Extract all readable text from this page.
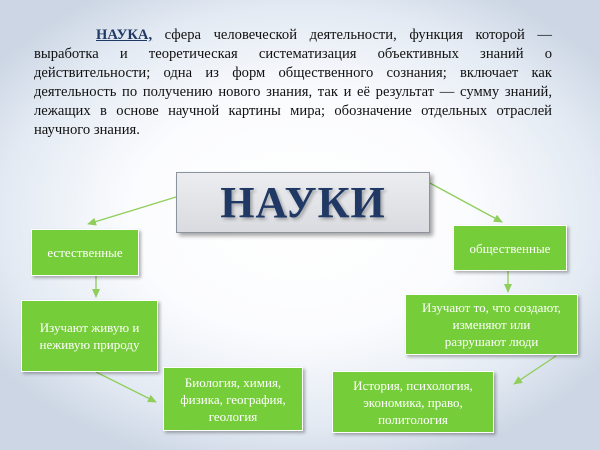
НАУКА, сфера человеческой деятельности, функция которой — выработка и теоретическая систематизация объективных знаний о действительности; одна из форм общественного сознания; включает как деятельность по получению нового знания, так и её результат — сумму знаний, лежащих в основе научной картины мира; обозначение отдельных отраслей научного знания.

НАУКИ
естественные
Изучают живую и
неживую природу
Биология, химия,
физика, география,
геология
общественные
Изучают то, что создают,
изменяют или
разрушают люди
История, психология,
экономика, право,
политология
